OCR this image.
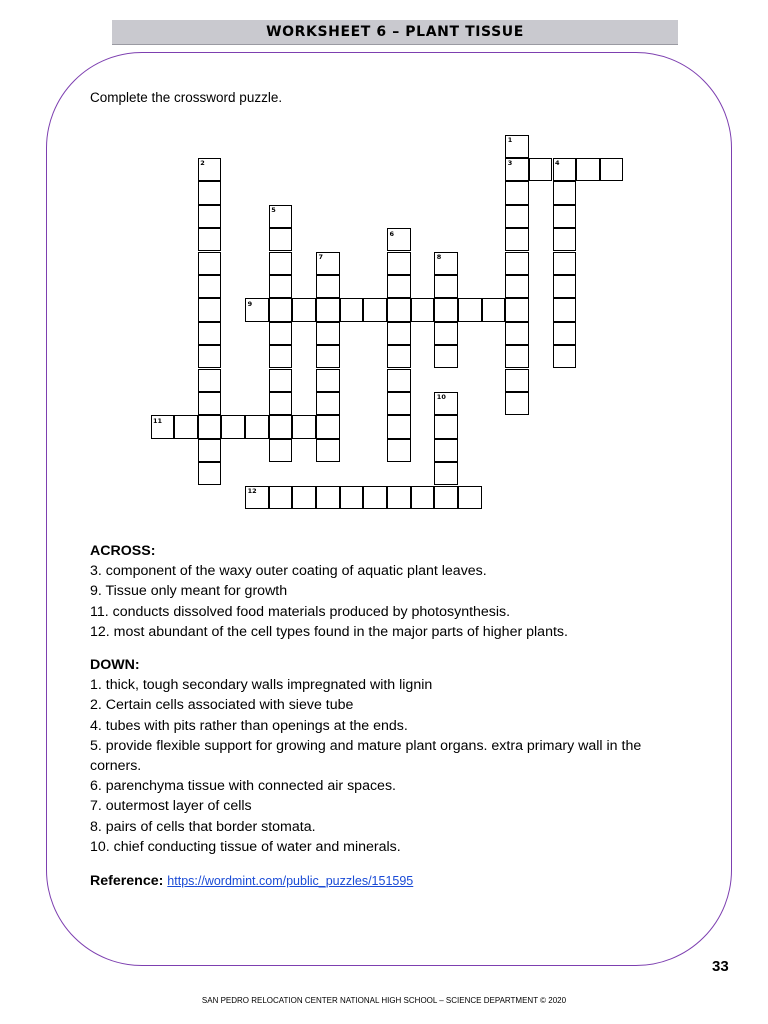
WORKSHEET 6 – PLANT TISSUE
Complete the crossword puzzle.
1
3
2	4
5
6
7	8
9
10
11
12
ACROSS:
3. component of the waxy outer coating of aquatic plant leaves.
9. Tissue only meant for growth
11. conducts dissolved food materials produced by photosynthesis.
12. most abundant of the cell types found in the major parts of higher plants.
DOWN:
1. thick, tough secondary walls impregnated with lignin
2. Certain cells associated with sieve tube
4. tubes with pits rather than openings at the ends.
5. provide flexible support for growing and mature plant organs. extra primary wall in the corners.
6. parenchyma tissue with connected air spaces.
7. outermost layer of cells
8. pairs of cells that border stomata.
10. chief conducting tissue of water and minerals.
Reference: https://wordmint.com/public_puzzles/151595
33
SAN PEDRO RELOCATION CENTER NATIONAL HIGH SCHOOL – SCIENCE DEPARTMENT © 2020
